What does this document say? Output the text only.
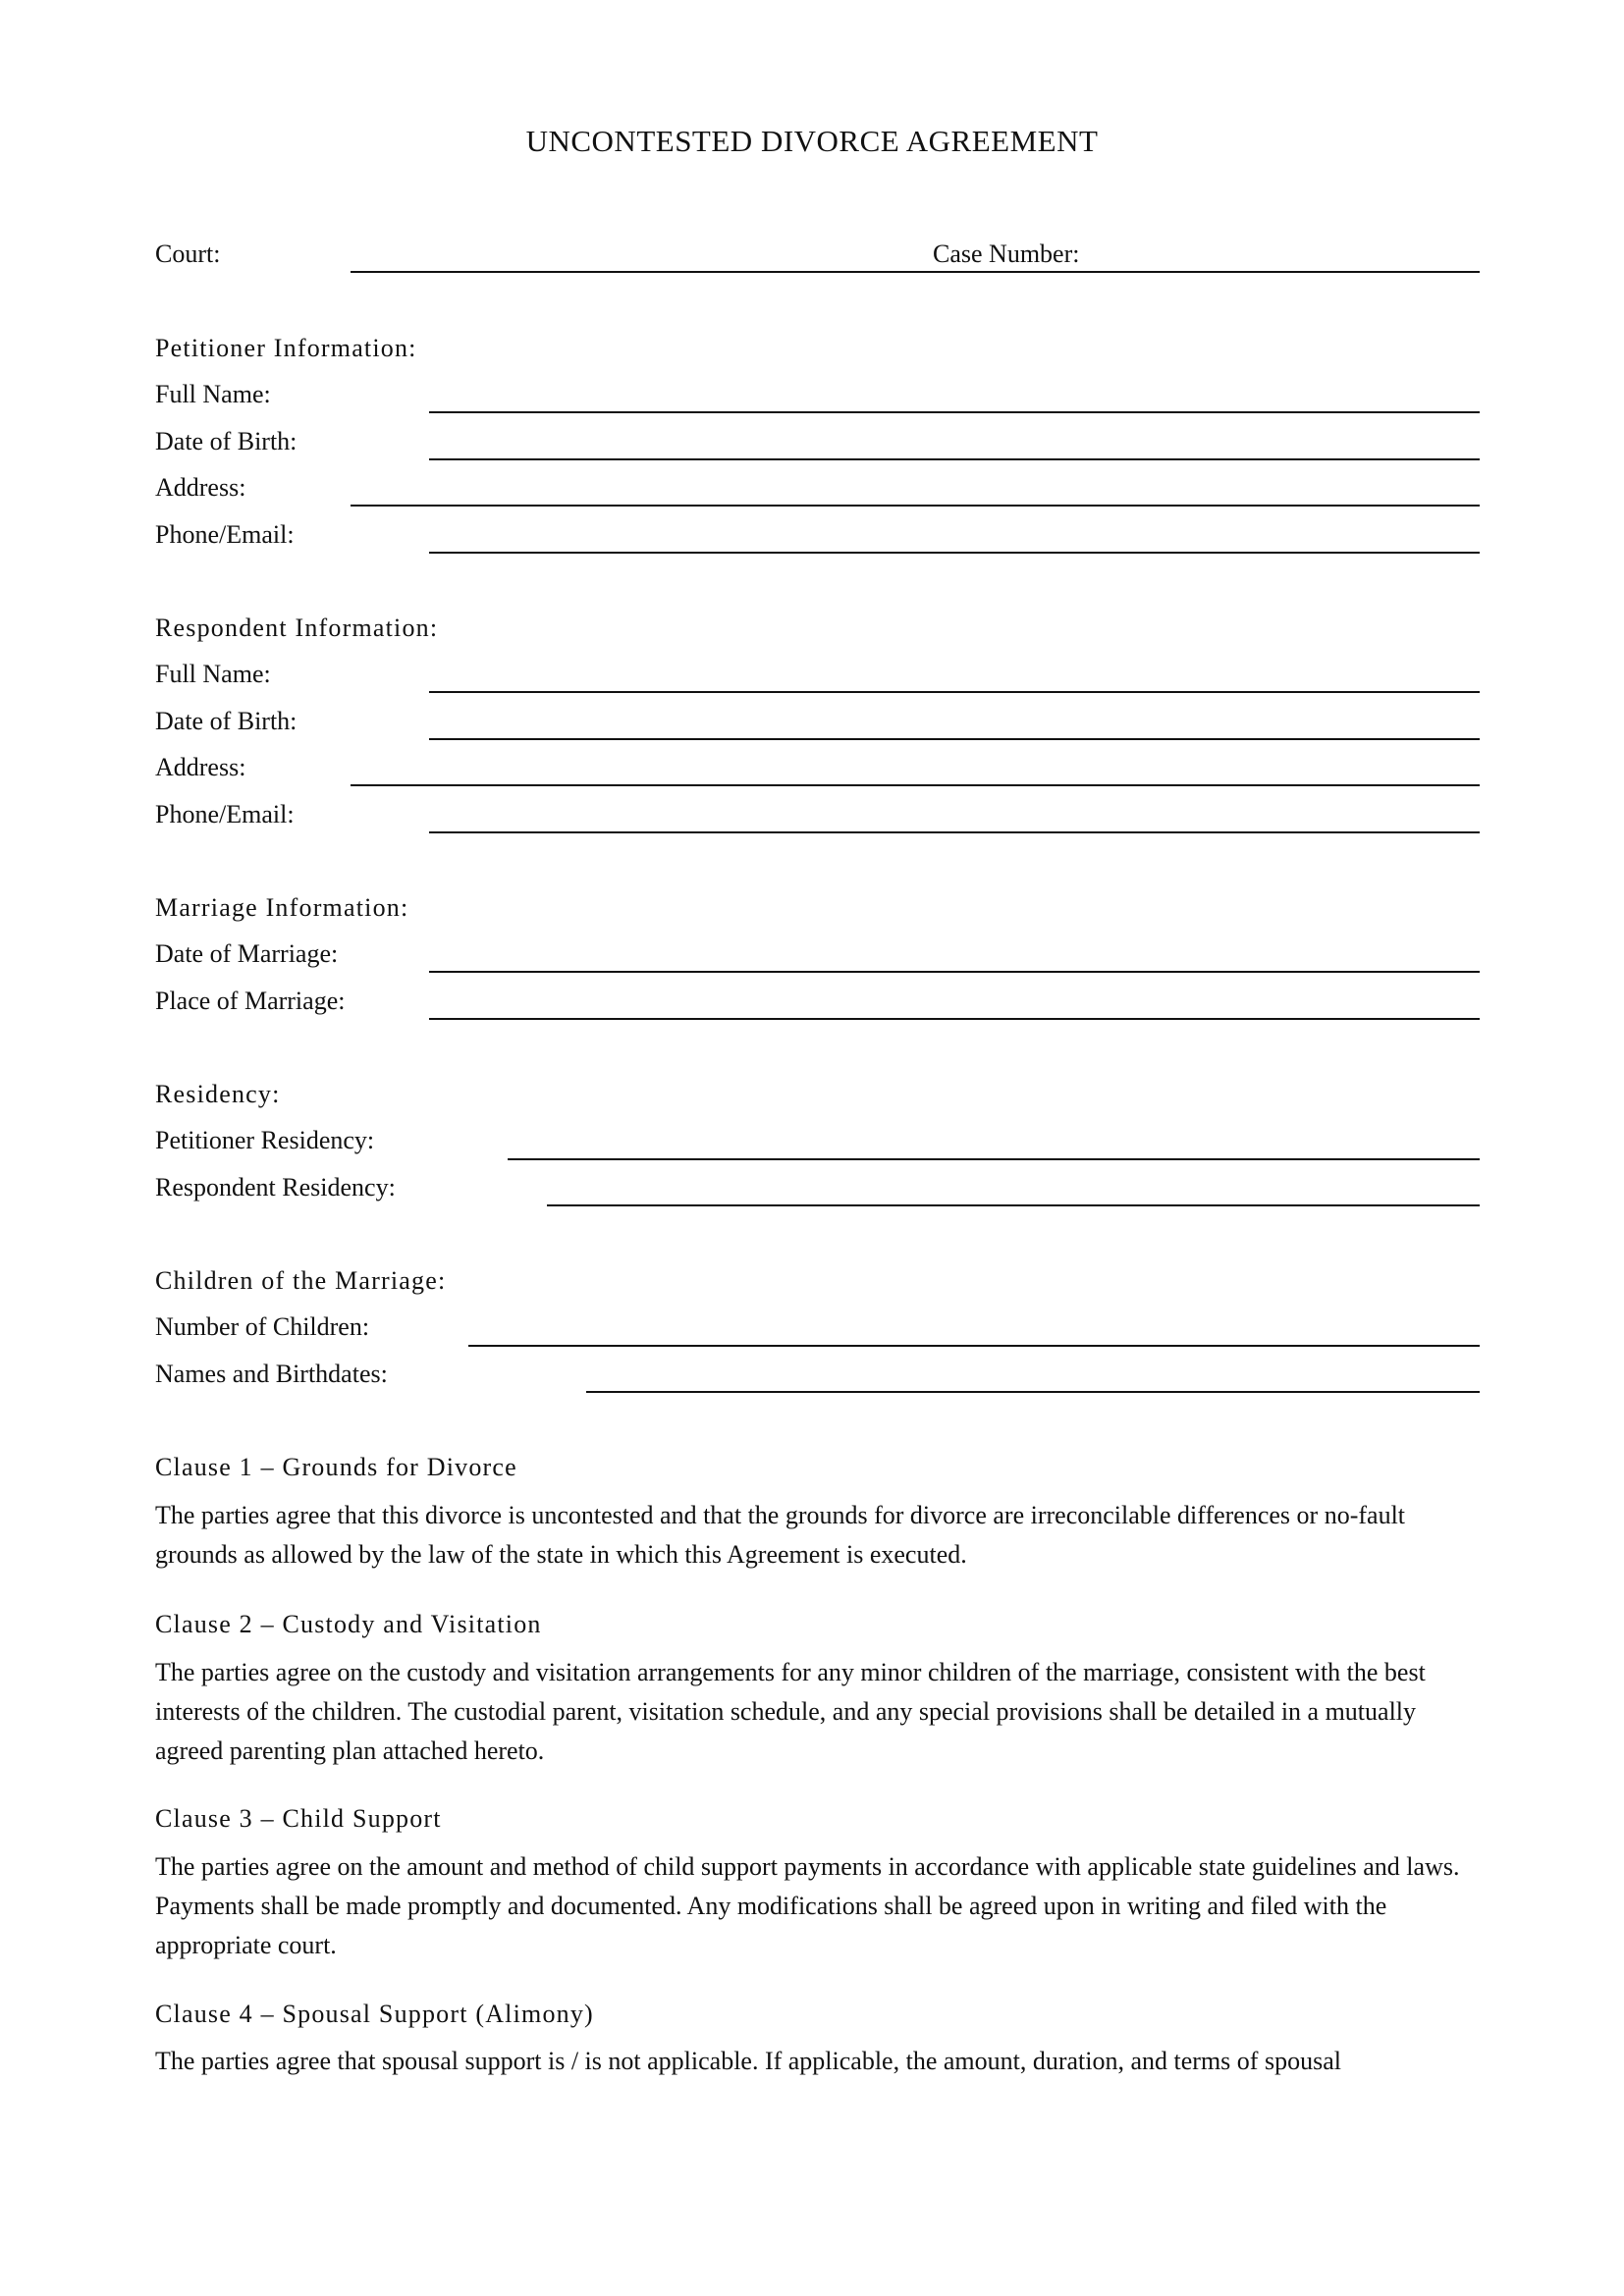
UNCONTESTED DIVORCE AGREEMENT
Court:	Case Number:
Petitioner Information:
Full Name:
Date of Birth:
Address:
Phone/Email:
Respondent Information:
Full Name:
Date of Birth:
Address:
Phone/Email:
Marriage Information:
Date of Marriage:
Place of Marriage:
Residency:
Petitioner Residency:
Respondent Residency:
Children of the Marriage:
Number of Children:
Names and Birthdates:
Clause 1 – Grounds for Divorce
The parties agree that this divorce is uncontested and that the grounds for divorce are irreconcilable differences or no-fault grounds as allowed by the law of the state in which this Agreement is executed.
Clause 2 – Custody and Visitation
The parties agree on the custody and visitation arrangements for any minor children of the marriage, consistent with the best interests of the children. The custodial parent, visitation schedule, and any special provisions shall be detailed in a mutually agreed parenting plan attached hereto.
Clause 3 – Child Support
The parties agree on the amount and method of child support payments in accordance with applicable state guidelines and laws. Payments shall be made promptly and documented. Any modifications shall be agreed upon in writing and filed with the appropriate court.
Clause 4 – Spousal Support (Alimony)
The parties agree that spousal support is / is not applicable. If applicable, the amount, duration, and terms of spousal
